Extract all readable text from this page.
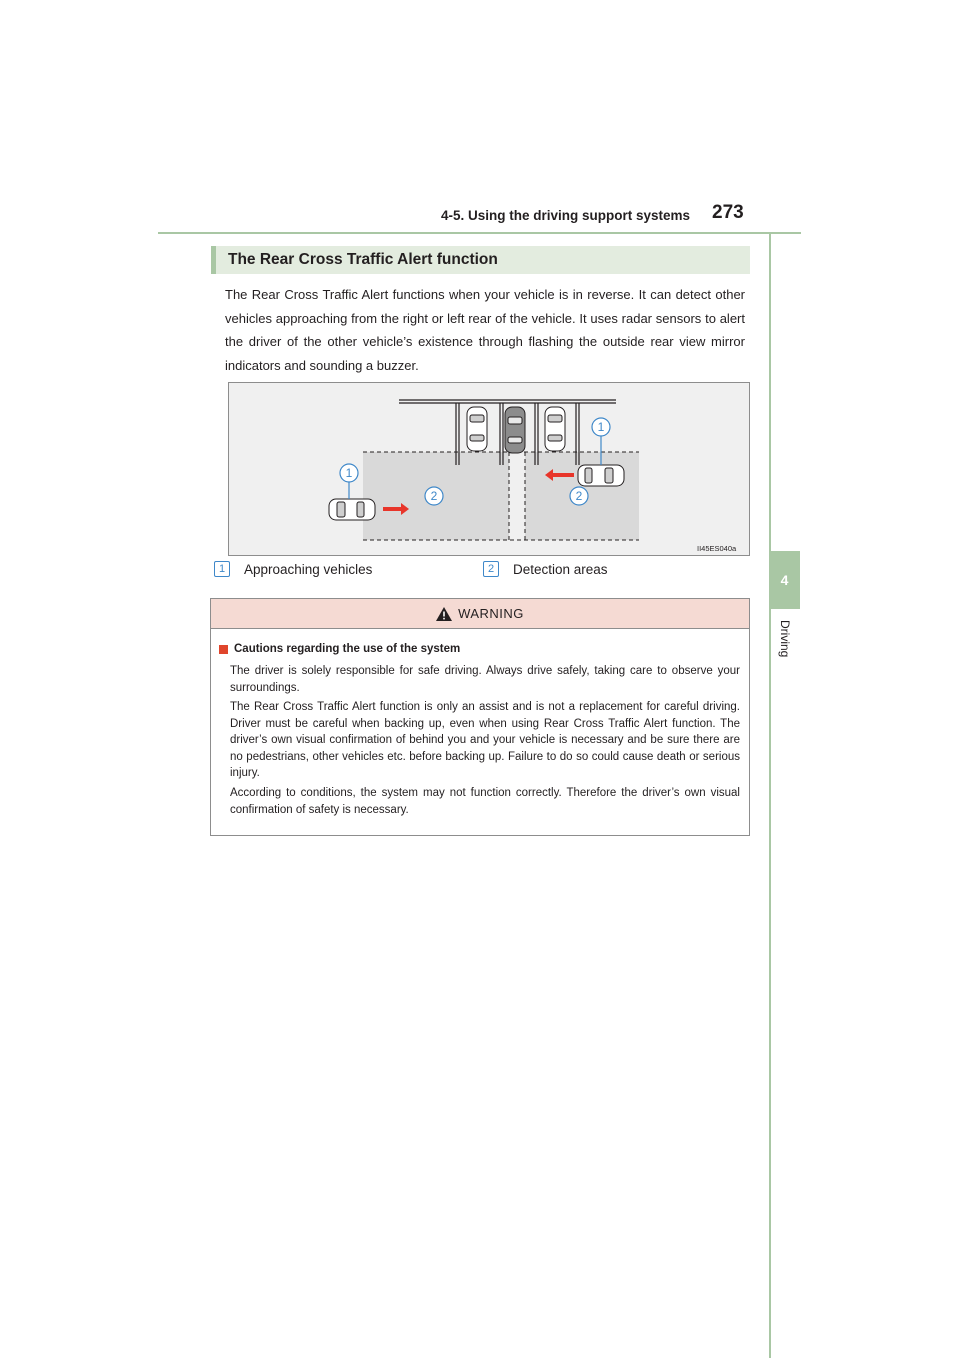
4-5. Using the driving support systems 273
4
Driving
The Rear Cross Traffic Alert function
The Rear Cross Traffic Alert functions when your vehicle is in reverse. It can detect other vehicles approaching from the right or left rear of the vehicle. It uses radar sensors to alert the driver of the other vehicle’s existence through flashing the outside rear view mirror indicators and sounding a buzzer.
1
1
2	2
II45ES040a
1	Approaching vehicles	2	Detection areas
WARNING
Cautions regarding the use of the system
The driver is solely responsible for safe driving. Always drive safely, taking care to observe your surroundings.
The Rear Cross Traffic Alert function is only an assist and is not a replacement for careful driving. Driver must be careful when backing up, even when using Rear Cross Traffic Alert function. The driver’s own visual confirmation of behind you and your vehicle is necessary and be sure there are no pedestrians, other vehicles etc. before backing up. Failure to do so could cause death or serious injury.
According to conditions, the system may not function correctly. Therefore the driver’s own visual confirmation of safety is necessary.
